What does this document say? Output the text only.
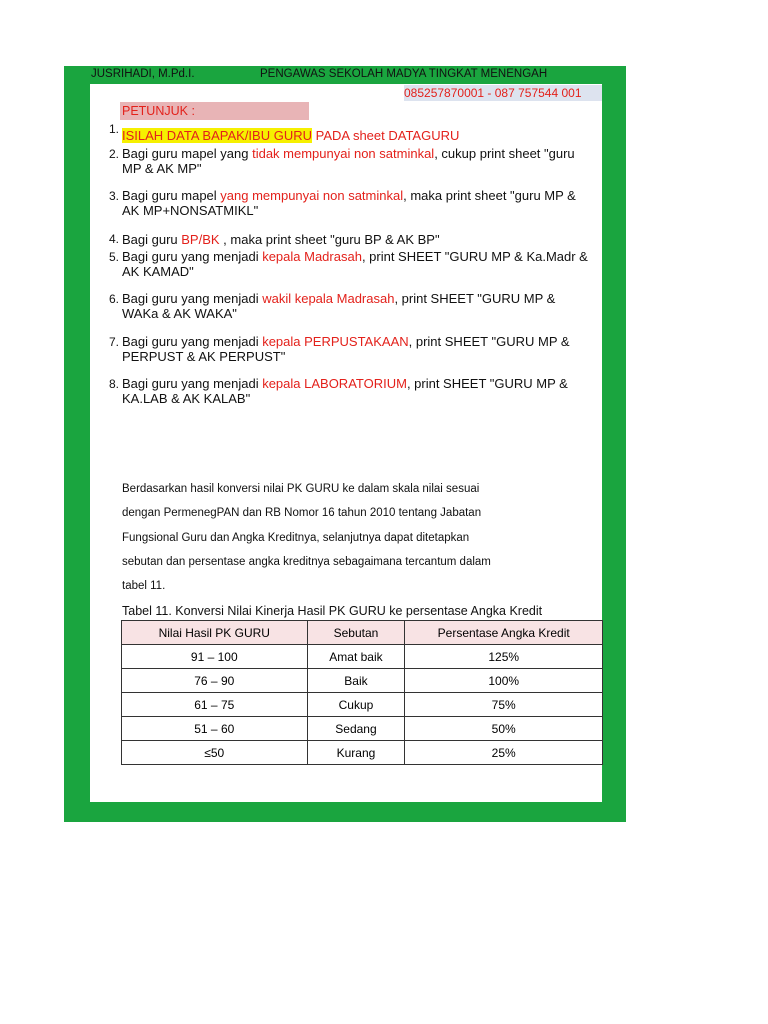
JUSRIHADI, M.Pd.I.	PENGAWAS SEKOLAH MADYA TINGKAT MENENGAH
085257870001 - 087 757544 001
PETUNJUK :
1. ISILAH DATA BAPAK/IBU GURU PADA sheet DATAGURU
2. Bagi guru mapel yang tidak mempunyai non satminkal, cukup print sheet "guru MP & AK MP"
3. Bagi guru mapel yang mempunyai non satminkal, maka print sheet "guru MP & AK MP+NONSATMIKL"
4. Bagi guru BP/BK , maka print sheet "guru BP & AK BP"
5. Bagi guru yang menjadi kepala Madrasah, print SHEET "GURU MP & Ka.Madr & AK KAMAD"
6. Bagi guru yang menjadi wakil kepala Madrasah, print SHEET "GURU MP & WAKa & AK WAKA"
7. Bagi guru yang menjadi kepala PERPUSTAKAAN, print SHEET "GURU MP & PERPUST & AK PERPUST"
8. Bagi guru yang menjadi kepala LABORATORIUM, print SHEET "GURU MP & KA.LAB & AK KALAB"
Berdasarkan hasil konversi nilai PK GURU ke dalam skala nilai sesuai
dengan PermenegPAN dan RB Nomor 16 tahun 2010 tentang Jabatan
Fungsional Guru dan Angka Kreditnya, selanjutnya dapat ditetapkan
sebutan dan persentase angka kreditnya sebagaimana tercantum dalam
tabel 11.
Tabel 11. Konversi Nilai Kinerja Hasil PK GURU ke persentase Angka Kredit
Nilai Hasil PK GURU	Sebutan	Persentase Angka Kredit
91 – 100	Amat baik	125%
76 – 90	Baik	100%
61 – 75	Cukup	75%
51 – 60	Sedang	50%
≤50	Kurang	25%
